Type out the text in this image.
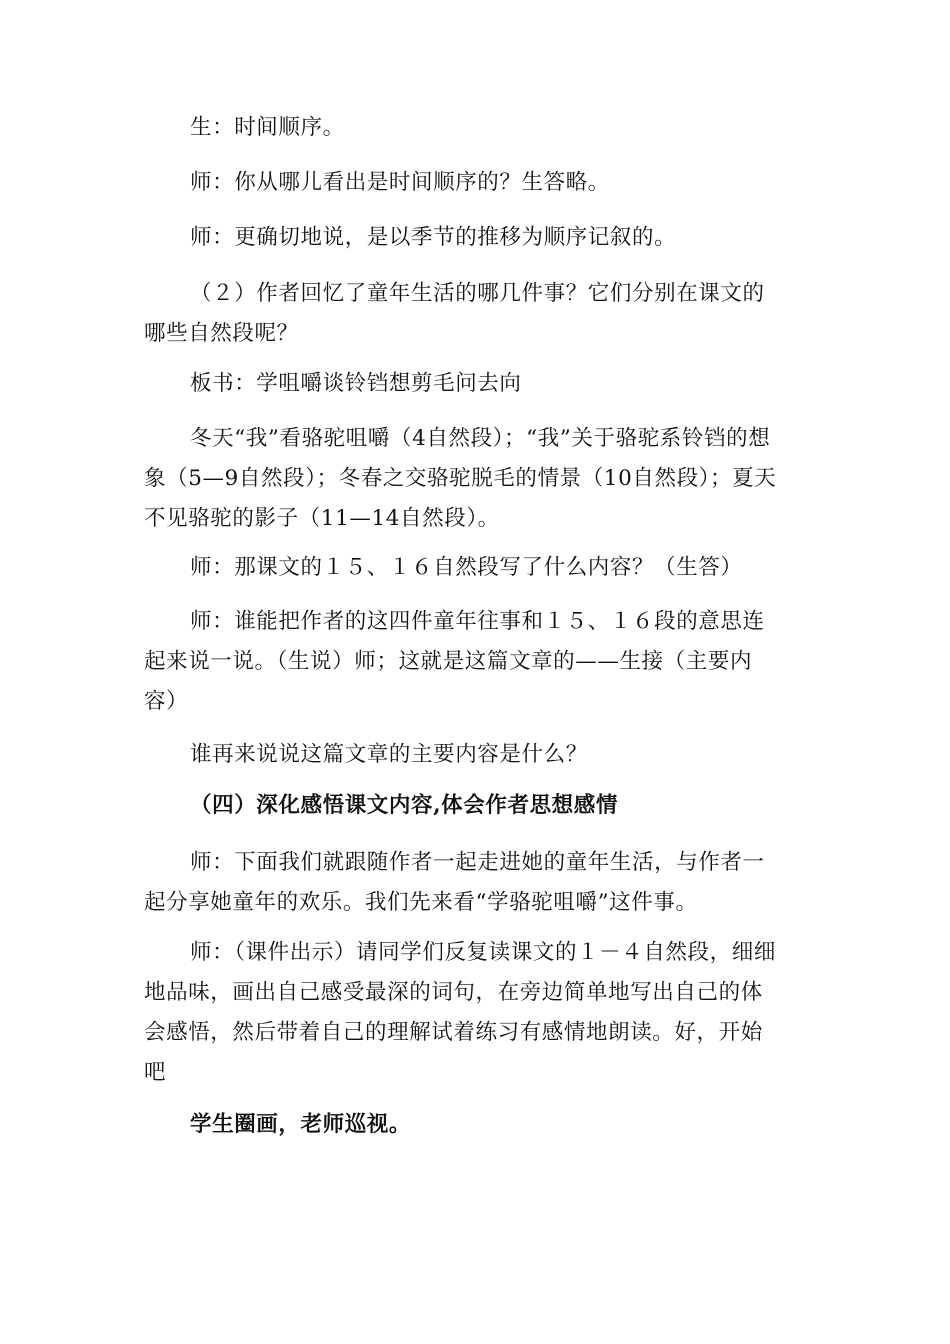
生：时间顺序。

师：你从哪儿看出是时间顺序的？生答略。

师：更确切地说，是以季节的推移为顺序记叙的。

（２）作者回忆了童年生活的哪几件事？它们分别在课文的哪些自然段呢？

板书：学咀嚼谈铃铛想剪毛问去向

冬天“我”看骆驼咀嚼（4自然段）；“我”关于骆驼系铃铛的想象（5—9自然段）；冬春之交骆驼脱毛的情景（10自然段）；夏天不见骆驼的影子（11—14自然段）。

师：那课文的１５、１６自然段写了什么内容？（生答）

师：谁能把作者的这四件童年往事和１５、１６段的意思连起来说一说。（生说）师；这就是这篇文章的——生接（主要内容）

谁再来说说这篇文章的主要内容是什么？

（四）深化感悟课文内容,体会作者思想感情

师：下面我们就跟随作者一起走进她的童年生活，与作者一起分享她童年的欢乐。我们先来看“学骆驼咀嚼”这件事。

师：（课件出示）请同学们反复读课文的１－４自然段，细细地品味，画出自己感受最深的词句，在旁边简单地写出自己的体会感悟，然后带着自己的理解试着练习有感情地朗读。好，开始吧

学生圈画，老师巡视。
